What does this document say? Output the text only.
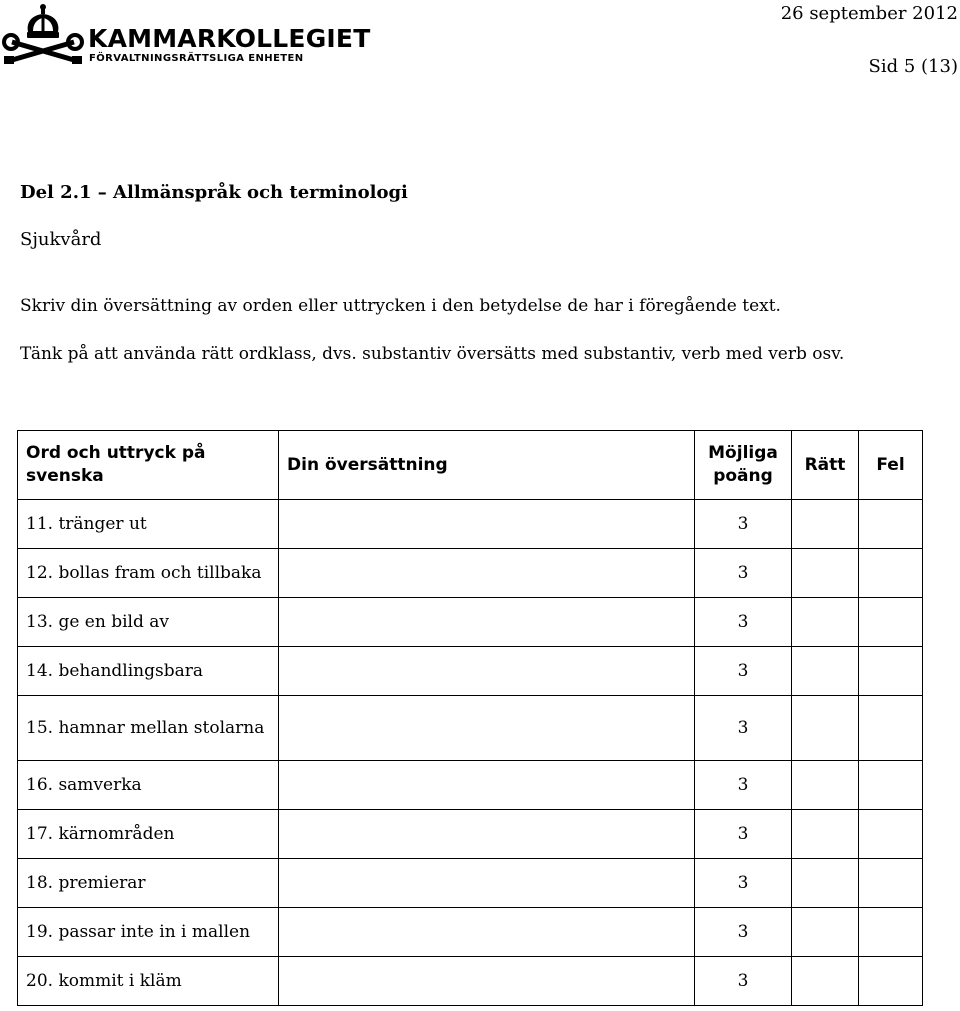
KAMMARKOLLEGIET
FÖRVALTNINGSRÄTTSLIGA ENHETEN
26 september 2012
Sid 5 (13)
Del 2.1 – Allmänspråk och terminologi
Sjukvård
Skriv din översättning av orden eller uttrycken i den betydelse de har i föregående text.
Tänk på att använda rätt ordklass, dvs. substantiv översätts med substantiv, verb med verb osv.
Ord och uttryck på svenska	Din översättning	Möjliga poäng	Rätt	Fel

11. tränger ut		3		

12. bollas fram och tillbaka		3		

13. ge en bild av		3		

14. behandlingsbara		3		

15. hamnar mellan stolarna		3		

16. samverka		3		

17. kärnområden		3		

18. premierar		3		

19. passar inte in i mallen		3		

20. kommit i kläm		3		
